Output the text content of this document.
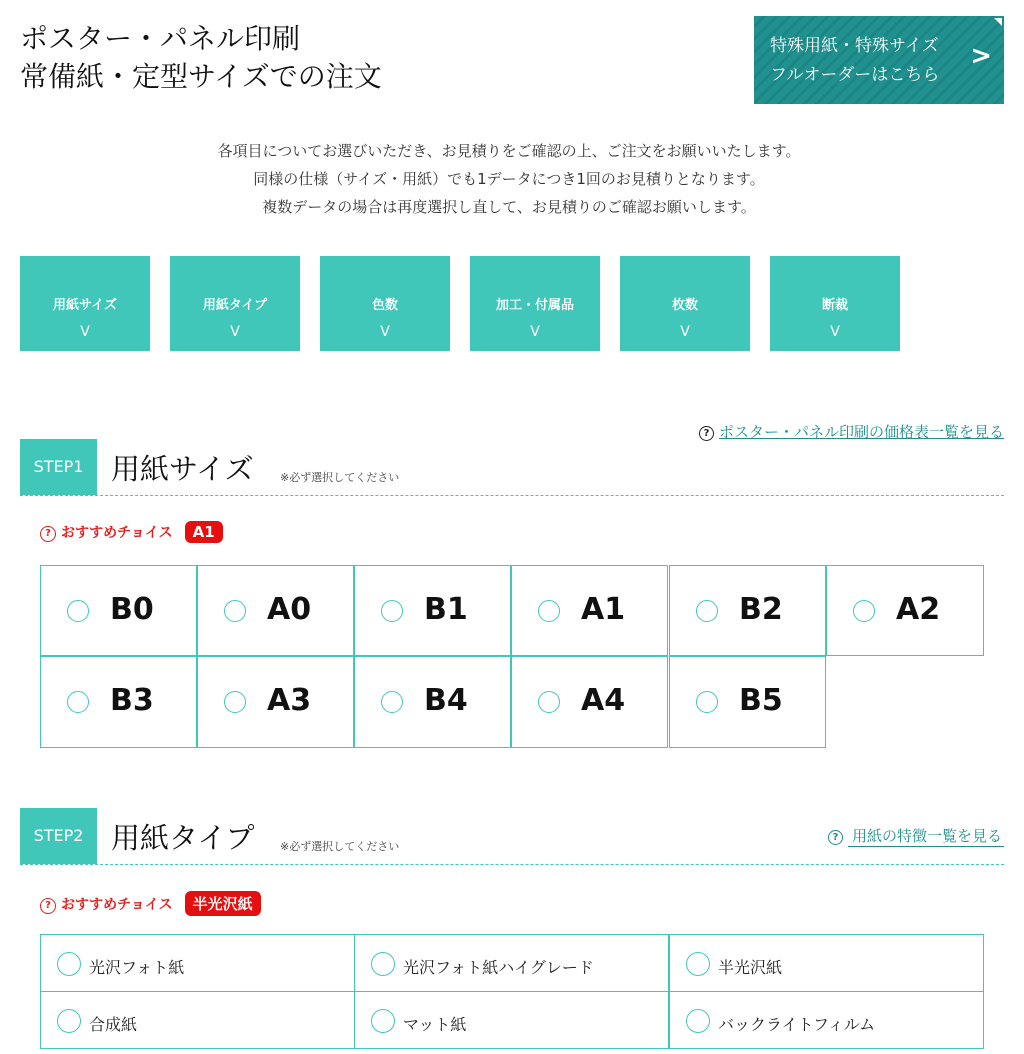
ポスター・パネル印刷
常備紙・定型サイズでの注文
特殊用紙・特殊サイズ
フルオーダーはこちら
>
各項目についてお選びいただき、お見積りをご確認の上、ご注文をお願いいたします。
同様の仕様（サイズ・用紙）でも1データにつき1回のお見積りとなります。
複数データの場合は再度選択し直して、お見積りのご確認お願いします。
用紙サイズ
V
用紙タイプ
V
色数
V
加工・付属品
V
枚数
V
断裁
V
? ポスター・パネル印刷の価格表一覧を見る
STEP1 用紙サイズ ※必ず選択してください
? おすすめチョイス A1
B0	A0	B1	A1	B2	A2
B3	A3	B4	A4	B5
STEP2 用紙タイプ ※必ず選択してください
? 用紙の特徴一覧を見る
? おすすめチョイス 半光沢紙
光沢フォト紙	光沢フォト紙ハイグレード	半光沢紙
合成紙	マット紙	バックライトフィルム
